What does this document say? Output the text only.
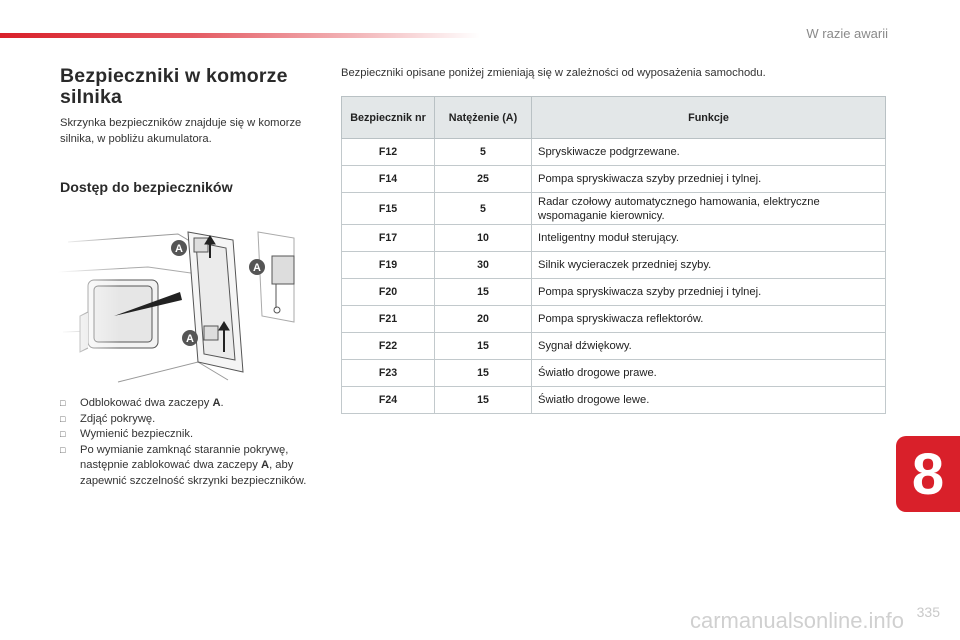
W razie awarii
Bezpieczniki w komorze silnika
Skrzynka bezpieczników znajduje się w komorze silnika, w pobliżu akumulatora.
Dostęp do bezpieczników
□ Odblokować dwa zaczepy A.
□ Zdjąć pokrywę.
□ Wymienić bezpiecznik.
□ Po wymianie zamknąć starannie pokrywę, następnie zablokować dwa zaczepy A, aby zapewnić szczelność skrzynki bezpieczników.
Bezpieczniki opisane poniżej zmieniają się w zależności od wyposażenia samochodu.
Bezpiecznik nr	Natężenie (A)	Funkcje
F12	5	Spryskiwacze podgrzewane.
F14	25	Pompa spryskiwacza szyby przedniej i tylnej.
F15	5	Radar czołowy automatycznego hamowania, elektryczne wspomaganie kierownicy.
F17	10	Inteligentny moduł sterujący.
F19	30	Silnik wycieraczek przedniej szyby.
F20	15	Pompa spryskiwacza szyby przedniej i tylnej.
F21	20	Pompa spryskiwacza reflektorów.
F22	15	Sygnał dźwiękowy.
F23	15	Światło drogowe prawe.
F24	15	Światło drogowe lewe.
8
335
carmanualsonline.info
